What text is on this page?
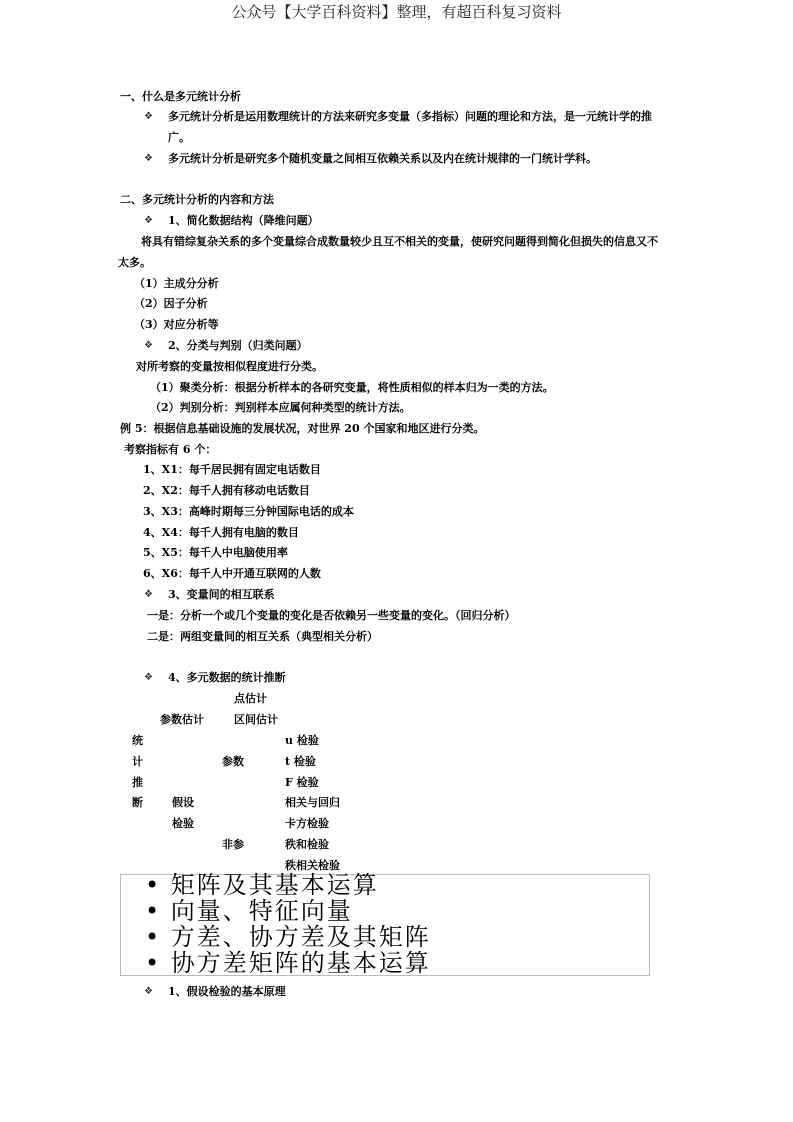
公众号【大学百科资料】整理，有超百科复习资料
一、什么是多元统计分析
❖ 多元统计分析是运用数理统计的方法来研究多变量（多指标）问题的理论和方法，是一元统计学的推
广。
❖ 多元统计分析是研究多个随机变量之间相互依赖关系以及内在统计规律的一门统计学科。
二、多元统计分析的内容和方法
❖ 1、简化数据结构（降维问题）
将具有错综复杂关系的多个变量综合成数量较少且互不相关的变量，使研究问题得到简化但损失的信息又不
太多。
（1）主成分分析
（2）因子分析
（3）对应分析等
❖ 2、分类与判别（归类问题）
对所考察的变量按相似程度进行分类。
（1）聚类分析：根据分析样本的各研究变量，将性质相似的样本归为一类的方法。
（2）判别分析：判别样本应属何种类型的统计方法。
例 5：根据信息基础设施的发展状况，对世界 20 个国家和地区进行分类。
考察指标有 6 个：
1、X1：每千居民拥有固定电话数目
2、X2：每千人拥有移动电话数目
3、X3：高峰时期每三分钟国际电话的成本
4、X4：每千人拥有电脑的数目
5、X5：每千人中电脑使用率
6、X6：每千人中开通互联网的人数
❖ 3、变量间的相互联系
一是：分析一个或几个变量的变化是否依赖另一些变量的变化。（回归分析）
二是：两组变量间的相互关系（典型相关分析）
❖ 4、多元数据的统计推断
点估计
参数估计	区间估计
统
计
推
断
参数
假设
检验
非参
u 检验
t 检验
F 检验
相关与回归
卡方检验
秩和检验
秩相关检验
• 矩阵及其基本运算
• 向量、特征向量
• 方差、协方差及其矩阵
• 协方差矩阵的基本运算
❖ 1、假设检验的基本原理
